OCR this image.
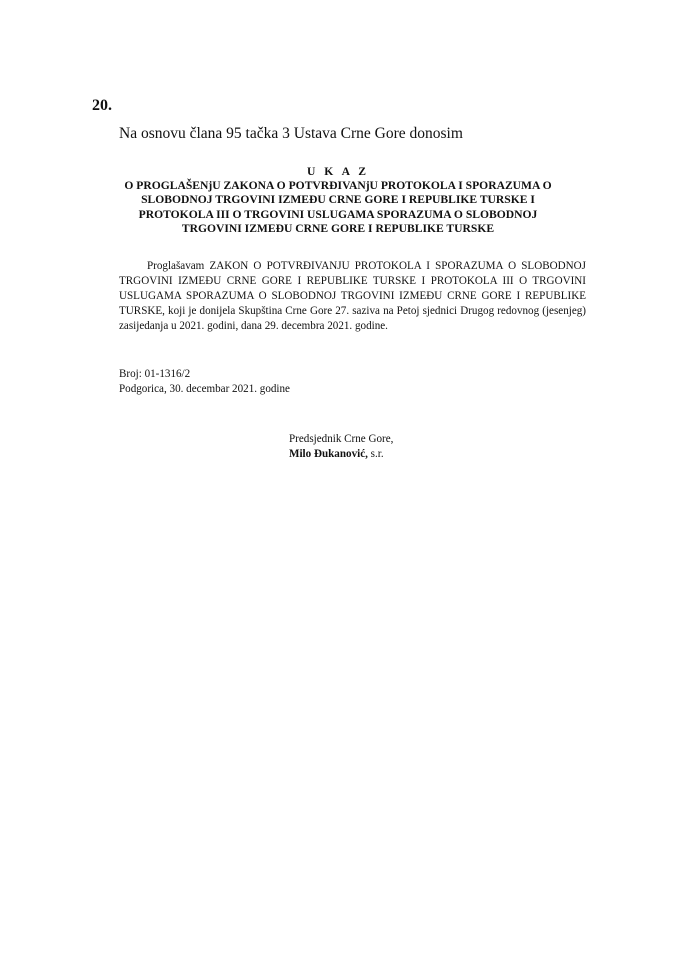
20.

Na osnovu člana 95 tačka 3 Ustava Crne Gore donosim

U K A Z
O PROGLAŠENjU ZAKONA O POTVRĐIVANjU PROTOKOLA I SPORAZUMA O
SLOBODNOJ TRGOVINI IZMEĐU CRNE GORE I REPUBLIKE TURSKE I
PROTOKOLA III O TRGOVINI USLUGAMA SPORAZUMA O SLOBODNOJ
TRGOVINI IZMEĐU CRNE GORE I REPUBLIKE TURSKE

Proglašavam ZAKON O POTVRĐIVANJU PROTOKOLA I SPORAZUMA O SLOBODNOJ TRGOVINI IZMEĐU CRNE GORE I REPUBLIKE TURSKE I PROTOKOLA III O TRGOVINI USLUGAMA SPORAZUMA O SLOBODNOJ TRGOVINI IZMEĐU CRNE GORE I REPUBLIKE TURSKE, koji je donijela Skupština Crne Gore 27. saziva na Petoj sjednici Drugog redovnog (jesenjeg) zasijedanja u 2021. godini, dana 29. decembra 2021. godine.

Broj: 01-1316/2
Podgorica, 30. decembar 2021. godine
Predsjednik Crne Gore,
Milo Đukanović, s.r.
